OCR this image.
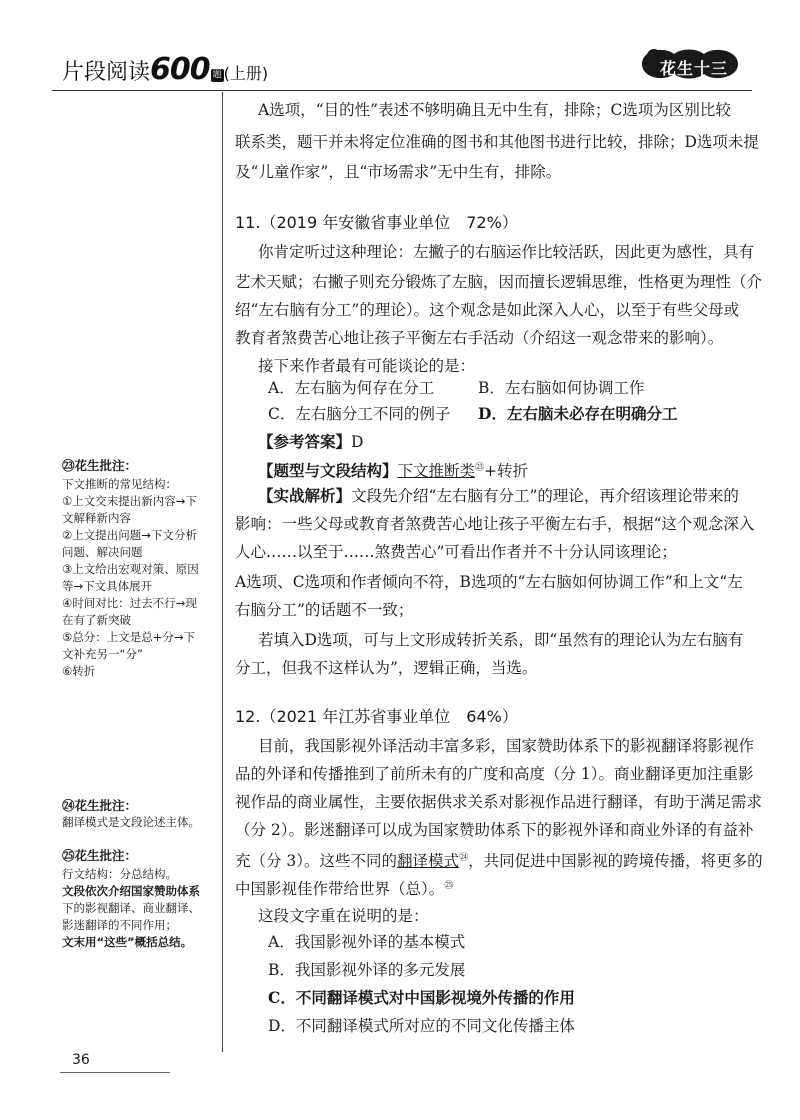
片段阅读600 题 (上册)	花生十三
A选项，“目的性”表述不够明确且无中生有，排除；C选项为区别比较
联系类，题干并未将定位准确的图书和其他图书进行比较，排除；D选项未提
及“儿童作家”，且“市场需求”无中生有，排除。
11.（2019 年安徽省事业单位　72%）
你肯定听过这种理论：左撇子的右脑运作比较活跃，因此更为感性，具有
艺术天赋；右撇子则充分锻炼了左脑，因而擅长逻辑思维，性格更为理性（介
绍“左右脑有分工”的理论）。这个观念是如此深入人心，以至于有些父母或
教育者煞费苦心地让孩子平衡左右手活动（介绍这一观念带来的影响）。
接下来作者最有可能谈论的是：
A．左右脑为何存在分工	B．左右脑如何协调工作
C．左右脑分工不同的例子 D．左右脑未必存在明确分工
【参考答案】D
【题型与文段结构】下文推断类$^㉓$+转折
【实战解析】文段先介绍“左右脑有分工”的理论，再介绍该理论带来的
影响：一些父母或教育者煞费苦心地让孩子平衡左右手，根据“这个观念深入
人心……以至于……煞费苦心”可看出作者并不十分认同该理论；
A选项、C选项和作者倾向不符，B选项的“左右脑如何协调工作”和上文“左
右脑分工”的话题不一致；
若填入D选项，可与上文形成转折关系，即“虽然有的理论认为左右脑有
分工，但我不这样认为”，逻辑正确，当选。
12.（2021 年江苏省事业单位　64%）
目前，我国影视外译活动丰富多彩，国家赞助体系下的影视翻译将影视作
品的外译和传播推到了前所未有的广度和高度（分 1）。商业翻译更加注重影
视作品的商业属性，主要依据供求关系对影视作品进行翻译，有助于满足需求
（分 2）。影迷翻译可以成为国家赞助体系下的影视外译和商业外译的有益补
充（分 3）。这些不同的翻译模式$^㉔$，共同促进中国影视的跨境传播，将更多的
中国影视佳作带给世界（总）。$^㉕$
这段文字重在说明的是：
A．我国影视外译的基本模式
B．我国影视外译的多元发展
C．不同翻译模式对中国影视境外传播的作用
D．不同翻译模式所对应的不同文化传播主体
㉓花生批注：
下文推断的常见结构：
①上文交末提出新内容→下
文解释新内容
②上文提出问题→下文分析
问题、解决问题
③上文给出宏观对策、原因
等→下文具体展开
④时间对比：过去不行→现
在有了新突破
⑤总分：上文是总+分→下
文补充另一“分”
⑥转折
㉔花生批注：
翻译模式是文段论述主体。
㉕花生批注：
行文结构：分总结构。
文段依次介绍国家赞助体系
下的影视翻译、商业翻译、
影迷翻译的不同作用；
文末用“这些”概括总结。
36
